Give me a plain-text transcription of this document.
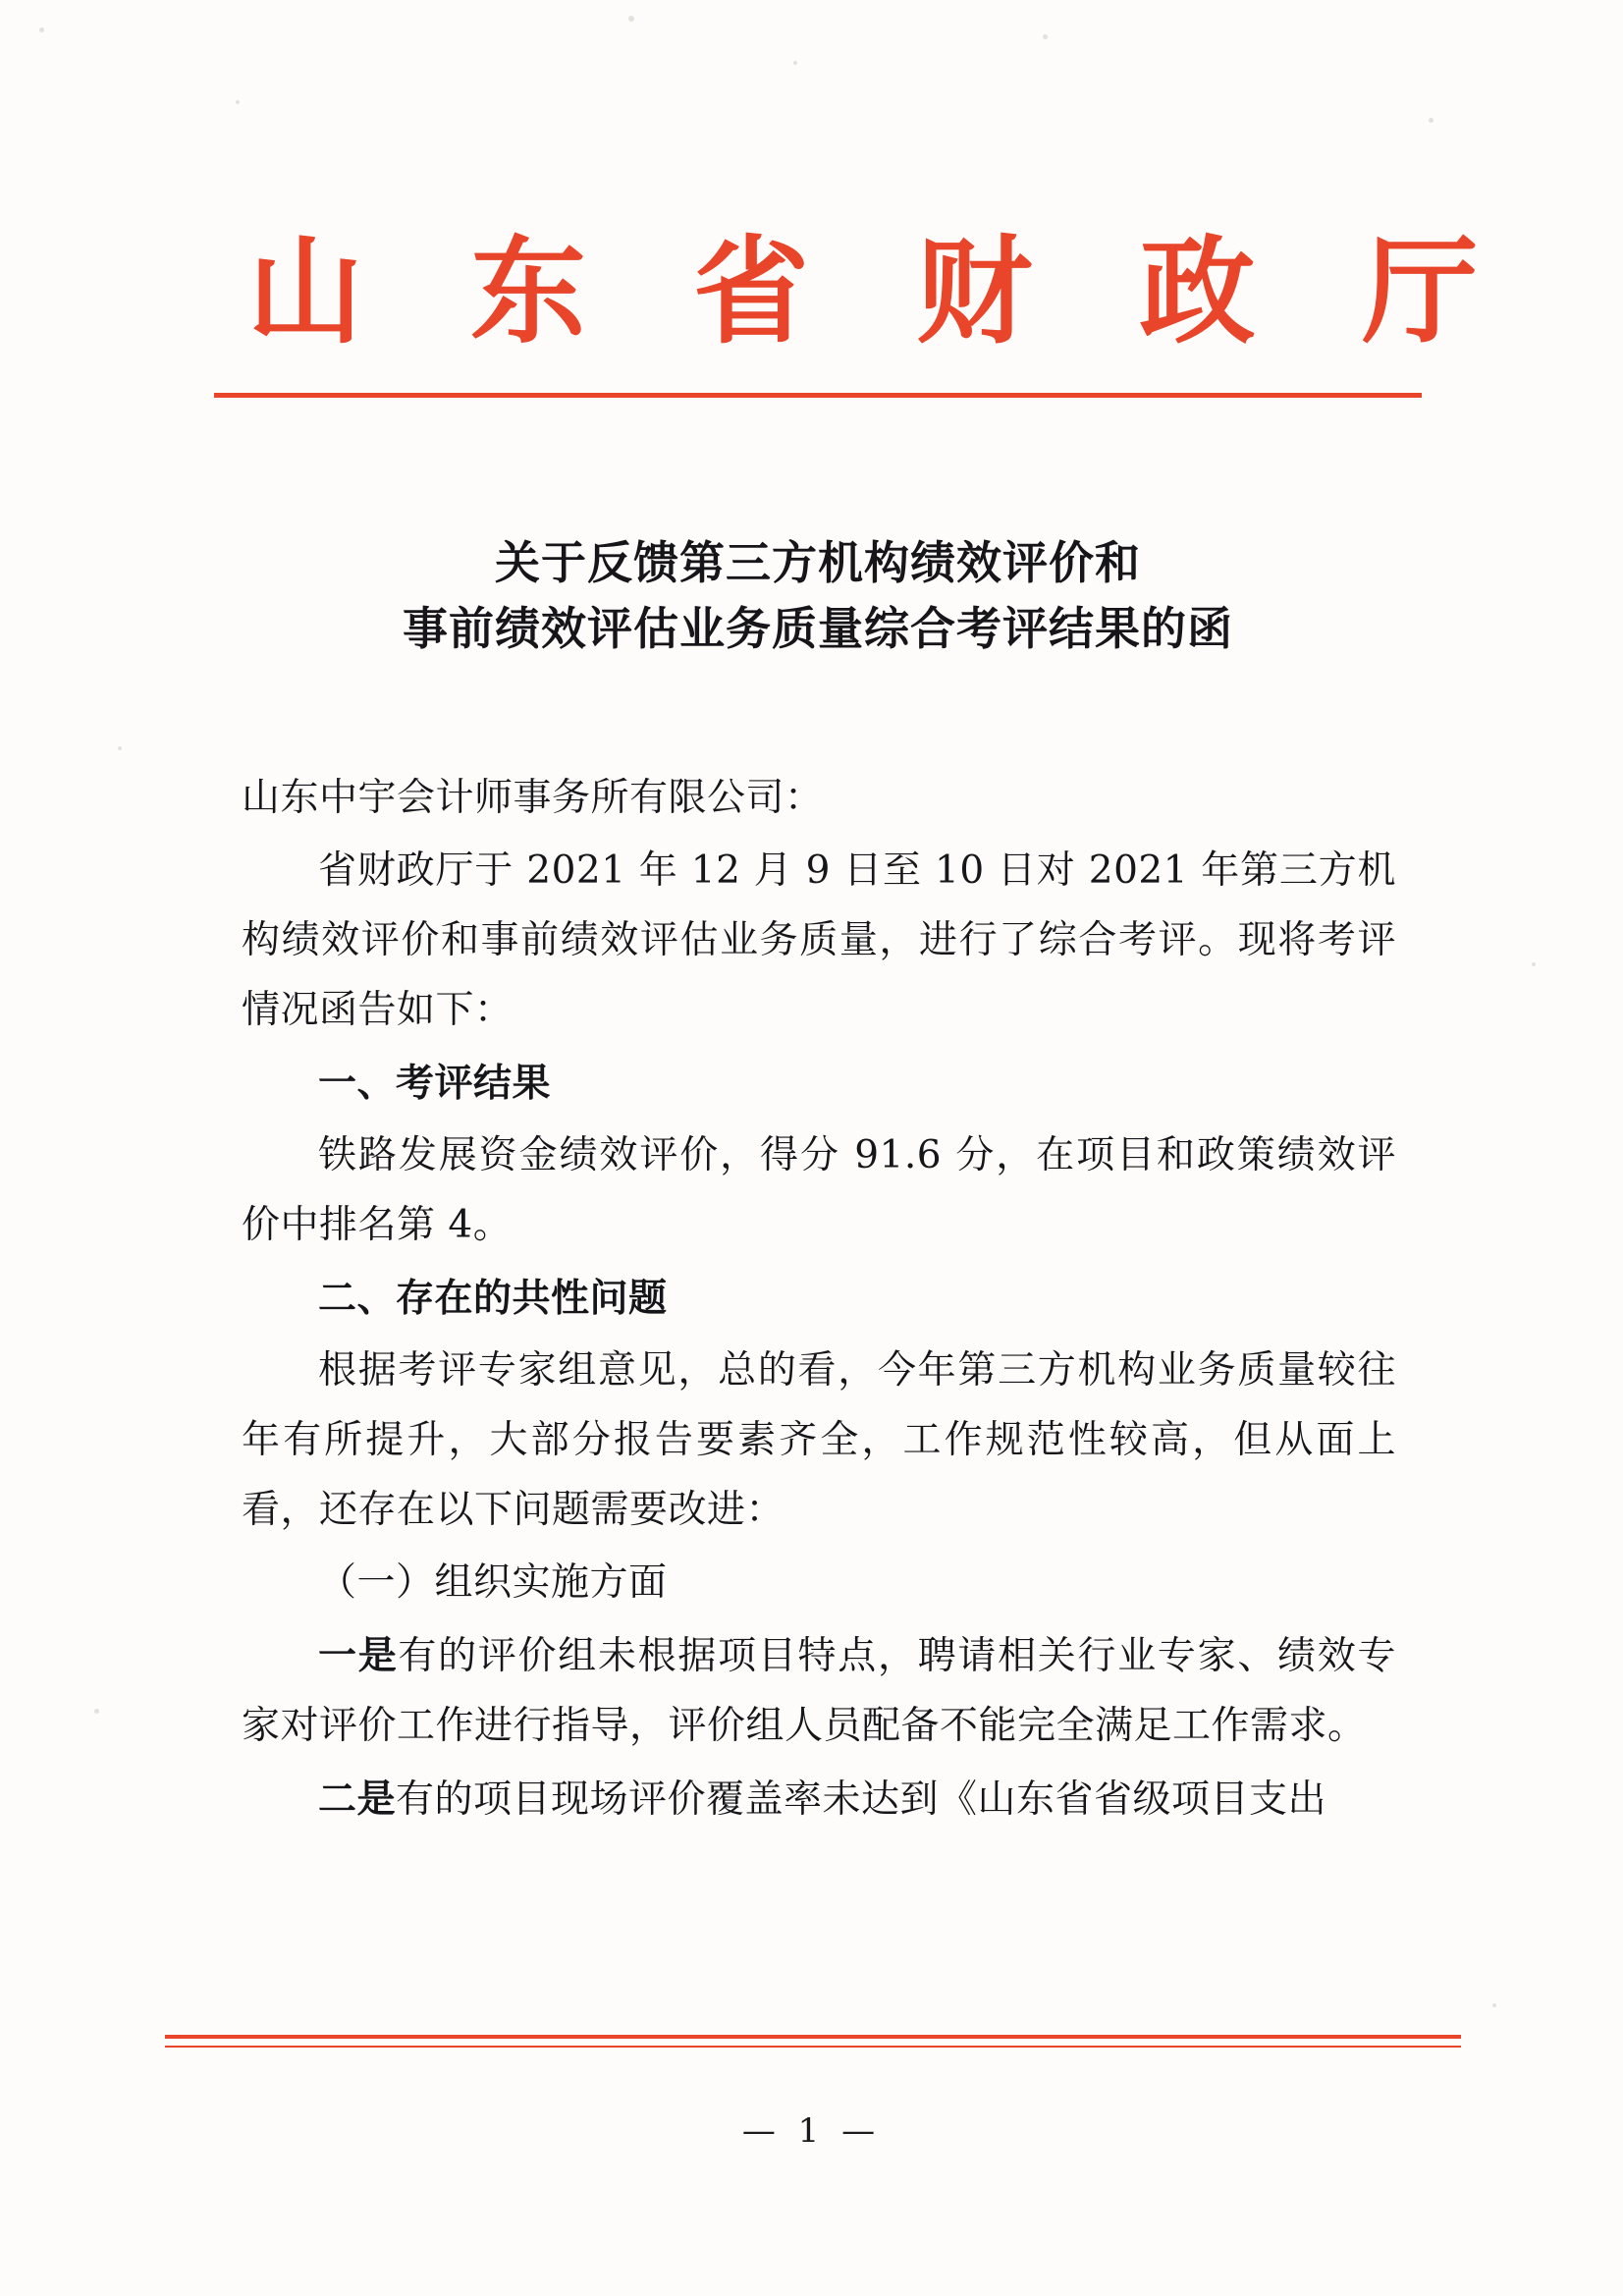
山 东 省 财 政 厅
关于反馈第三方机构绩效评价和
事前绩效评估业务质量综合考评结果的函

山东中宇会计师事务所有限公司：

省财政厅于 2021 年 12 月 9 日至 10 日对 2021 年第三方机构绩效评价和事前绩效评估业务质量，进行了综合考评。现将考评情况函告如下：

一、考评结果

铁路发展资金绩效评价，得分 91.6 分，在项目和政策绩效评价中排名第 4。

二、存在的共性问题

根据考评专家组意见，总的看，今年第三方机构业务质量较往年有所提升，大部分报告要素齐全，工作规范性较高，但从面上看，还存在以下问题需要改进：

（一）组织实施方面

一是有的评价组未根据项目特点，聘请相关行业专家、绩效专家对评价工作进行指导，评价组人员配备不能完全满足工作需求。

二是有的项目现场评价覆盖率未达到《山东省省级项目支出

— 1 —
